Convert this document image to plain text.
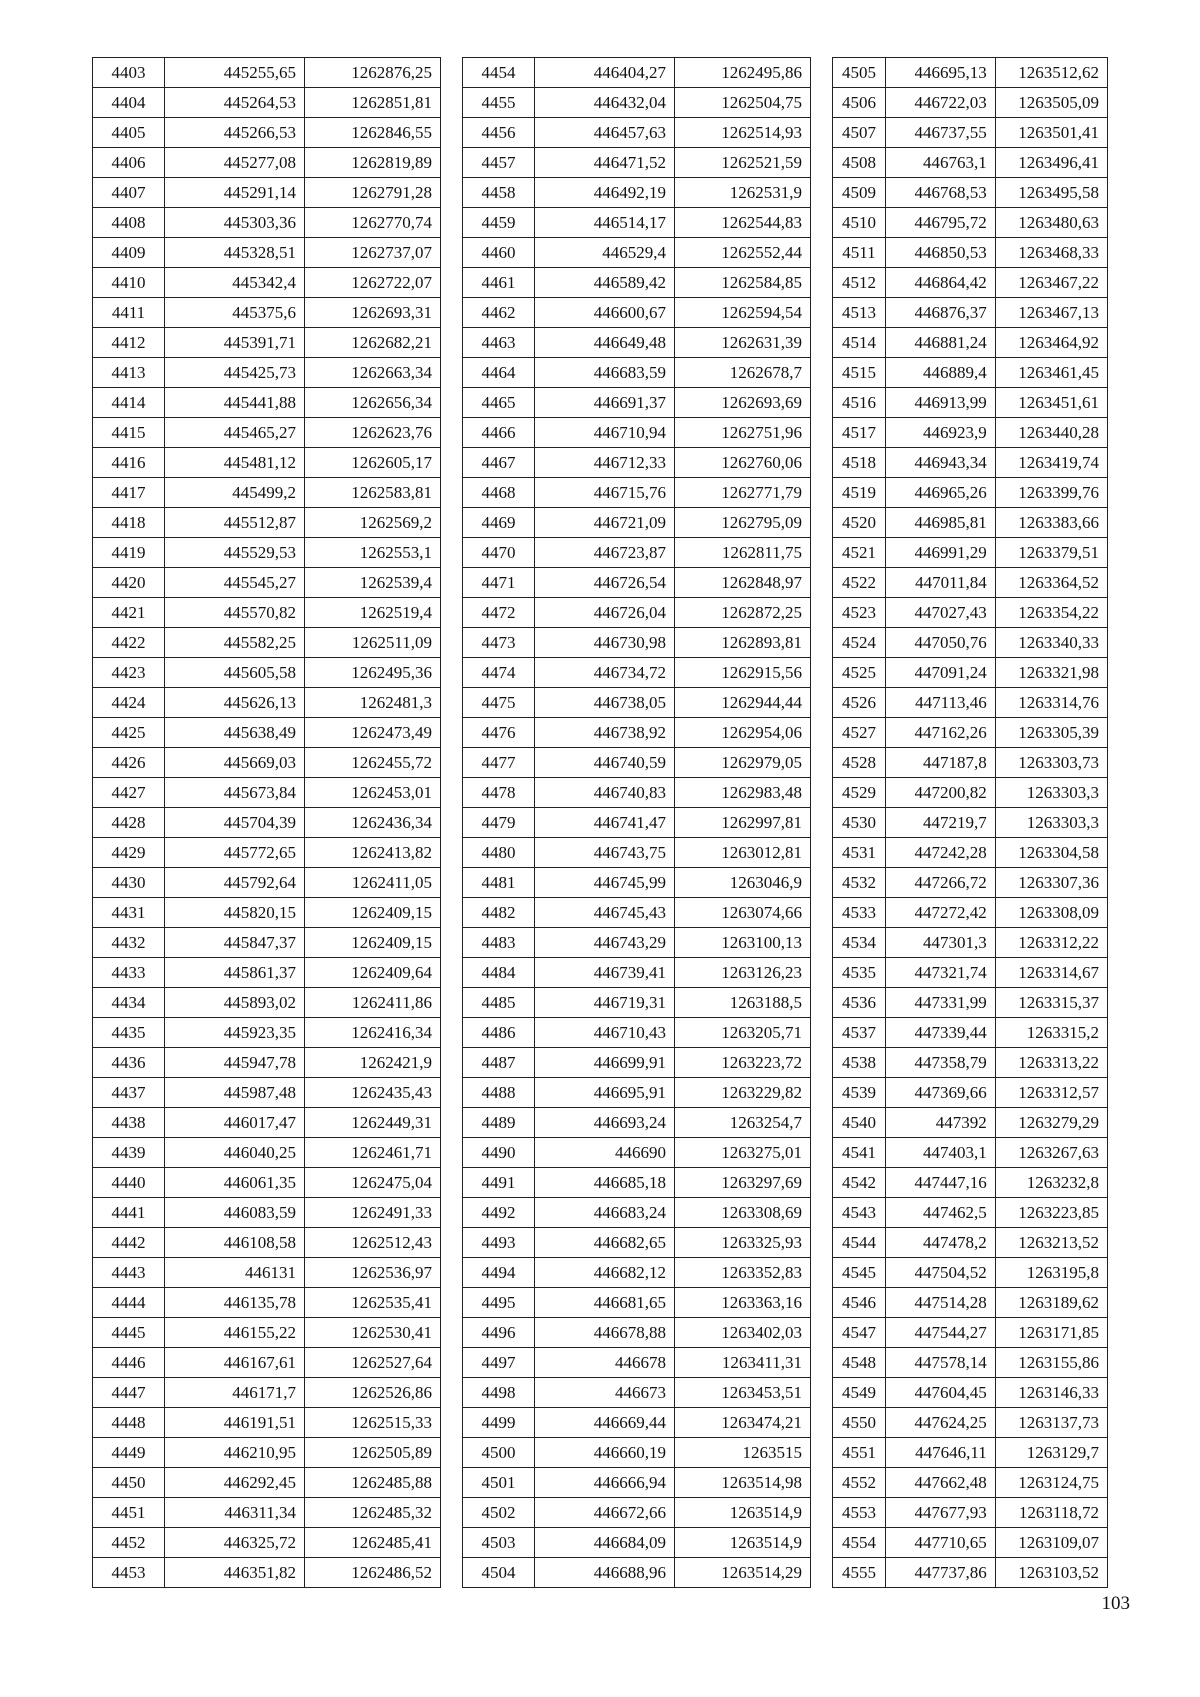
4403	445255,65	1262876,25
4404	445264,53	1262851,81
4405	445266,53	1262846,55
4406	445277,08	1262819,89
4407	445291,14	1262791,28
4408	445303,36	1262770,74
4409	445328,51	1262737,07
4410	445342,4	1262722,07
4411	445375,6	1262693,31
4412	445391,71	1262682,21
4413	445425,73	1262663,34
4414	445441,88	1262656,34
4415	445465,27	1262623,76
4416	445481,12	1262605,17
4417	445499,2	1262583,81
4418	445512,87	1262569,2
4419	445529,53	1262553,1
4420	445545,27	1262539,4
4421	445570,82	1262519,4
4422	445582,25	1262511,09
4423	445605,58	1262495,36
4424	445626,13	1262481,3
4425	445638,49	1262473,49
4426	445669,03	1262455,72
4427	445673,84	1262453,01
4428	445704,39	1262436,34
4429	445772,65	1262413,82
4430	445792,64	1262411,05
4431	445820,15	1262409,15
4432	445847,37	1262409,15
4433	445861,37	1262409,64
4434	445893,02	1262411,86
4435	445923,35	1262416,34
4436	445947,78	1262421,9
4437	445987,48	1262435,43
4438	446017,47	1262449,31
4439	446040,25	1262461,71
4440	446061,35	1262475,04
4441	446083,59	1262491,33
4442	446108,58	1262512,43
4443	446131	1262536,97
4444	446135,78	1262535,41
4445	446155,22	1262530,41
4446	446167,61	1262527,64
4447	446171,7	1262526,86
4448	446191,51	1262515,33
4449	446210,95	1262505,89
4450	446292,45	1262485,88
4451	446311,34	1262485,32
4452	446325,72	1262485,41
4453	446351,82	1262486,52
4454	446404,27	1262495,86
4455	446432,04	1262504,75
4456	446457,63	1262514,93
4457	446471,52	1262521,59
4458	446492,19	1262531,9
4459	446514,17	1262544,83
4460	446529,4	1262552,44
4461	446589,42	1262584,85
4462	446600,67	1262594,54
4463	446649,48	1262631,39
4464	446683,59	1262678,7
4465	446691,37	1262693,69
4466	446710,94	1262751,96
4467	446712,33	1262760,06
4468	446715,76	1262771,79
4469	446721,09	1262795,09
4470	446723,87	1262811,75
4471	446726,54	1262848,97
4472	446726,04	1262872,25
4473	446730,98	1262893,81
4474	446734,72	1262915,56
4475	446738,05	1262944,44
4476	446738,92	1262954,06
4477	446740,59	1262979,05
4478	446740,83	1262983,48
4479	446741,47	1262997,81
4480	446743,75	1263012,81
4481	446745,99	1263046,9
4482	446745,43	1263074,66
4483	446743,29	1263100,13
4484	446739,41	1263126,23
4485	446719,31	1263188,5
4486	446710,43	1263205,71
4487	446699,91	1263223,72
4488	446695,91	1263229,82
4489	446693,24	1263254,7
4490	446690	1263275,01
4491	446685,18	1263297,69
4492	446683,24	1263308,69
4493	446682,65	1263325,93
4494	446682,12	1263352,83
4495	446681,65	1263363,16
4496	446678,88	1263402,03
4497	446678	1263411,31
4498	446673	1263453,51
4499	446669,44	1263474,21
4500	446660,19	1263515
4501	446666,94	1263514,98
4502	446672,66	1263514,9
4503	446684,09	1263514,9
4504	446688,96	1263514,29
4505	446695,13	1263512,62
4506	446722,03	1263505,09
4507	446737,55	1263501,41
4508	446763,1	1263496,41
4509	446768,53	1263495,58
4510	446795,72	1263480,63
4511	446850,53	1263468,33
4512	446864,42	1263467,22
4513	446876,37	1263467,13
4514	446881,24	1263464,92
4515	446889,4	1263461,45
4516	446913,99	1263451,61
4517	446923,9	1263440,28
4518	446943,34	1263419,74
4519	446965,26	1263399,76
4520	446985,81	1263383,66
4521	446991,29	1263379,51
4522	447011,84	1263364,52
4523	447027,43	1263354,22
4524	447050,76	1263340,33
4525	447091,24	1263321,98
4526	447113,46	1263314,76
4527	447162,26	1263305,39
4528	447187,8	1263303,73
4529	447200,82	1263303,3
4530	447219,7	1263303,3
4531	447242,28	1263304,58
4532	447266,72	1263307,36
4533	447272,42	1263308,09
4534	447301,3	1263312,22
4535	447321,74	1263314,67
4536	447331,99	1263315,37
4537	447339,44	1263315,2
4538	447358,79	1263313,22
4539	447369,66	1263312,57
4540	447392	1263279,29
4541	447403,1	1263267,63
4542	447447,16	1263232,8
4543	447462,5	1263223,85
4544	447478,2	1263213,52
4545	447504,52	1263195,8
4546	447514,28	1263189,62
4547	447544,27	1263171,85
4548	447578,14	1263155,86
4549	447604,45	1263146,33
4550	447624,25	1263137,73
4551	447646,11	1263129,7
4552	447662,48	1263124,75
4553	447677,93	1263118,72
4554	447710,65	1263109,07
4555	447737,86	1263103,52
103
